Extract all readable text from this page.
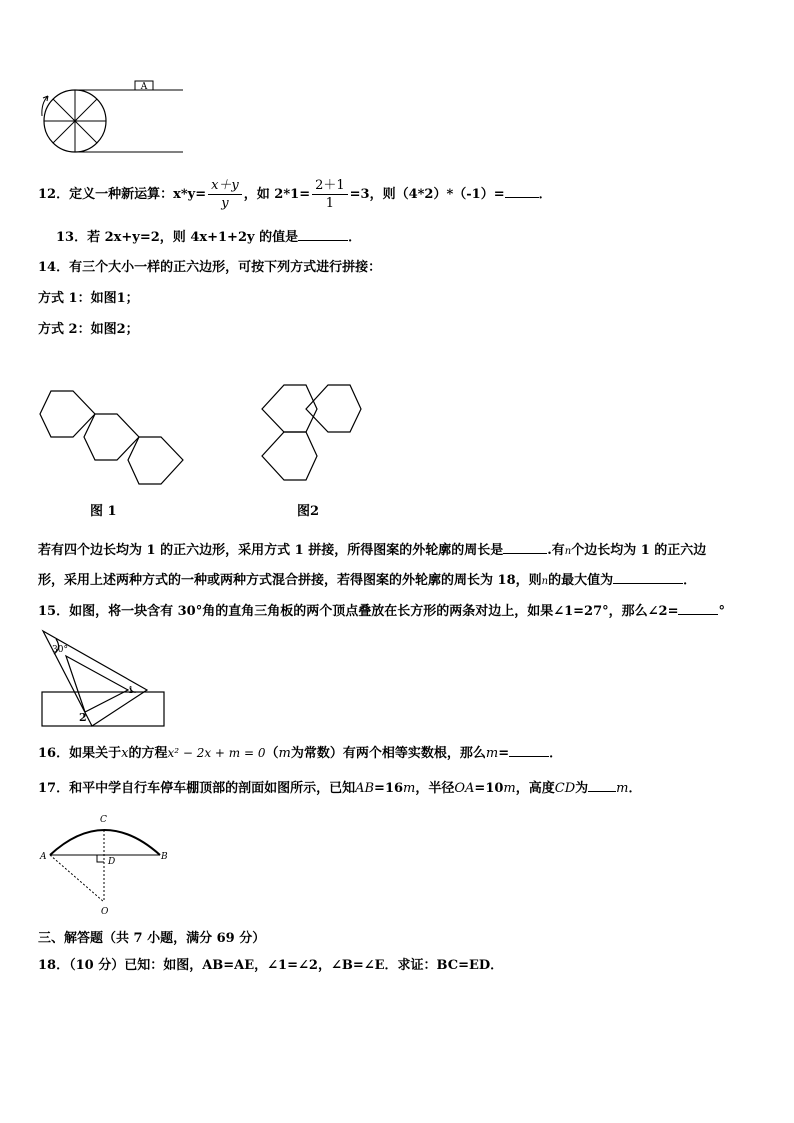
A
12．定义一种新运算：$x*y= \frac{x+y}{y}$ ，如 $2*1= \frac{2+1}{1} =3$，则（4*2）*（-1）=	．
13．若 2x+y=2，则 4x+1+2y 的值是	．
14．有三个大小一样的正六边形，可按下列方式进行拼接：
方式 1：如图1；
方式 2：如图2；
图 1	图2
若有四个边长均为 1 的正六边形，采用方式 1 拼接，所得图案的外轮廓的周长是	.有n个边长均为 1 的正六边
形，采用上述两种方式的一种或两种方式混合拼接，若得图案的外轮廓的周长为 18，则n的最大值为	．
15．如图，将一块含有 30°角的直角三角板的两个顶点叠放在长方形的两条对边上，如果∠1=27°，那么∠2=	°
30°
1
2
16．如果关于x的方程x² − 2x + m = 0（m为常数）有两个相等实数根，那么m=	．
17．和平中学自行车停车棚顶部的剖面如图所示，已知AB=16m，半径OA=10m，高度CD为 m．
A	B
C
D
O
三、解答题（共 7 小题，满分 69 分）
18．（10 分）已知：如图，AB=AE，∠1=∠2，∠B=∠E．求证：BC=ED．
